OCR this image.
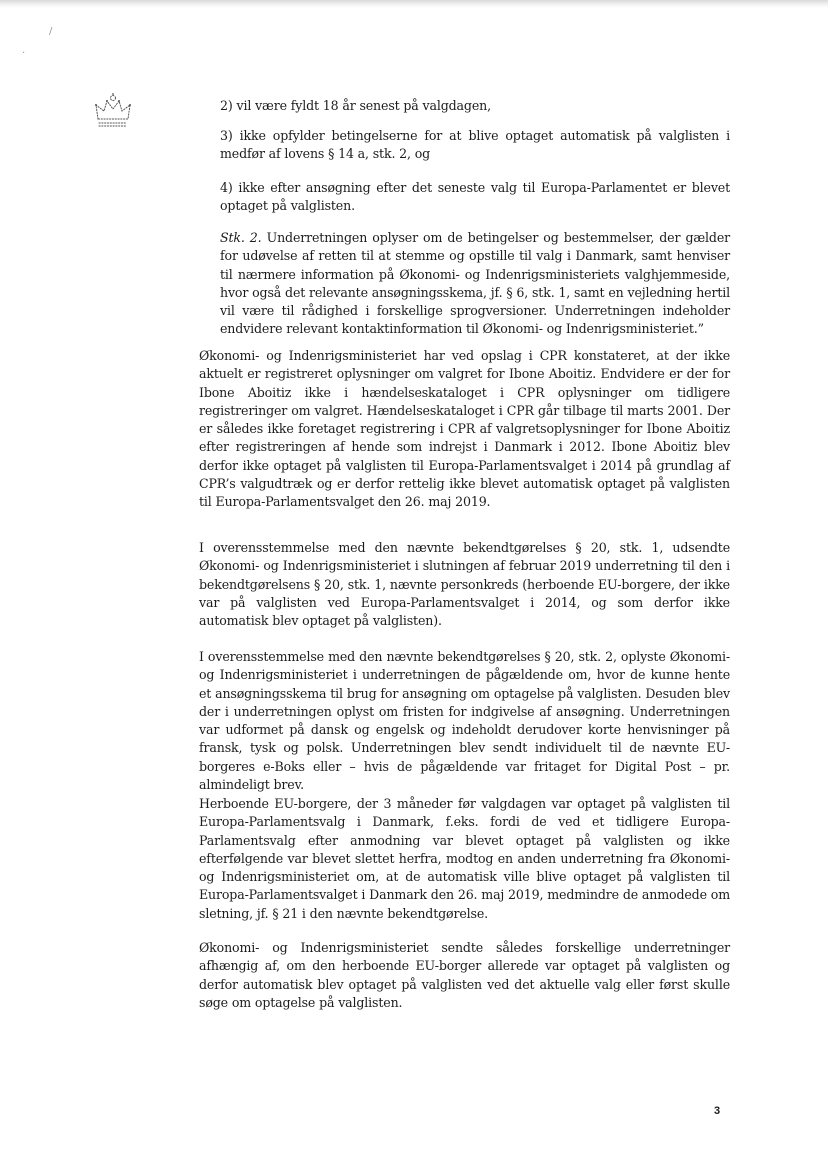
/
·

2) vil være fyldt 18 år senest på valgdagen,

3) ikke opfylder betingelserne for at blive optaget automatisk på valglisten i medfør af lovens § 14 a, stk. 2, og

4) ikke efter ansøgning efter det seneste valg til Europa-Parlamentet er blevet optaget på valglisten.

Stk. 2. Underretningen oplyser om de betingelser og bestemmelser, der gælder for udøvelse af retten til at stemme og opstille til valg i Danmark, samt henviser til nærmere information på Økonomi- og Indenrigsministeriets valghjemmeside, hvor også det relevante ansøgningsskema, jf. § 6, stk. 1, samt en vejledning hertil vil være til rådighed i forskellige sprogversioner. Underretningen indeholder endvidere relevant kontaktinformation til Økonomi- og Indenrigsministeriet.”

Økonomi- og Indenrigsministeriet har ved opslag i CPR konstateret, at der ikke aktuelt er registreret oplysninger om valgret for Ibone Aboitiz. Endvidere er der for Ibone Aboitiz ikke i hændelseskataloget i CPR oplysninger om tidligere registreringer om valgret. Hændelseskataloget i CPR går tilbage til marts 2001. Der er således ikke foretaget registrering i CPR af valgretsoplysninger for Ibone Aboitiz efter registreringen af hende som indrejst i Danmark i 2012. Ibone Aboitiz blev derfor ikke optaget på valglisten til Europa-Parlamentsvalget i 2014 på grundlag af CPR’s valgudtræk og er derfor rettelig ikke blevet automatisk optaget på valglisten til Europa-Parlamentsvalget den 26. maj 2019.

I overensstemmelse med den nævnte bekendtgørelses § 20, stk. 1, udsendte Økonomi- og Indenrigsministeriet i slutningen af februar 2019 underretning til den i bekendtgørelsens § 20, stk. 1, nævnte personkreds (herboende EU-borgere, der ikke var på valglisten ved Europa-Parlamentsvalget i 2014, og som derfor ikke automatisk blev optaget på valglisten).

I overensstemmelse med den nævnte bekendtgørelses § 20, stk. 2, oplyste Økonomi- og Indenrigsministeriet i underretningen de pågældende om, hvor de kunne hente et ansøgningsskema til brug for ansøgning om optagelse på valglisten. Desuden blev der i underretningen oplyst om fristen for indgivelse af ansøgning. Underretningen var udformet på dansk og engelsk og indeholdt derudover korte henvisninger på fransk, tysk og polsk. Underretningen blev sendt individuelt til de nævnte EU-borgeres e-Boks eller – hvis de pågældende var fritaget for Digital Post – pr. almindeligt brev.

Herboende EU-borgere, der 3 måneder før valgdagen var optaget på valglisten til Europa-Parlamentsvalg i Danmark, f.eks. fordi de ved et tidligere Europa-Parlamentsvalg efter anmodning var blevet optaget på valglisten og ikke efterfølgende var blevet slettet herfra, modtog en anden underretning fra Økonomi- og Indenrigsministeriet om, at de automatisk ville blive optaget på valglisten til Europa-Parlamentsvalget i Danmark den 26. maj 2019, medmindre de anmodede om sletning, jf. § 21 i den nævnte bekendtgørelse.

Økonomi- og Indenrigsministeriet sendte således forskellige underretninger afhængig af, om den herboende EU-borger allerede var optaget på valglisten og derfor automatisk blev optaget på valglisten ved det aktuelle valg eller først skulle søge om optagelse på valglisten.

3
